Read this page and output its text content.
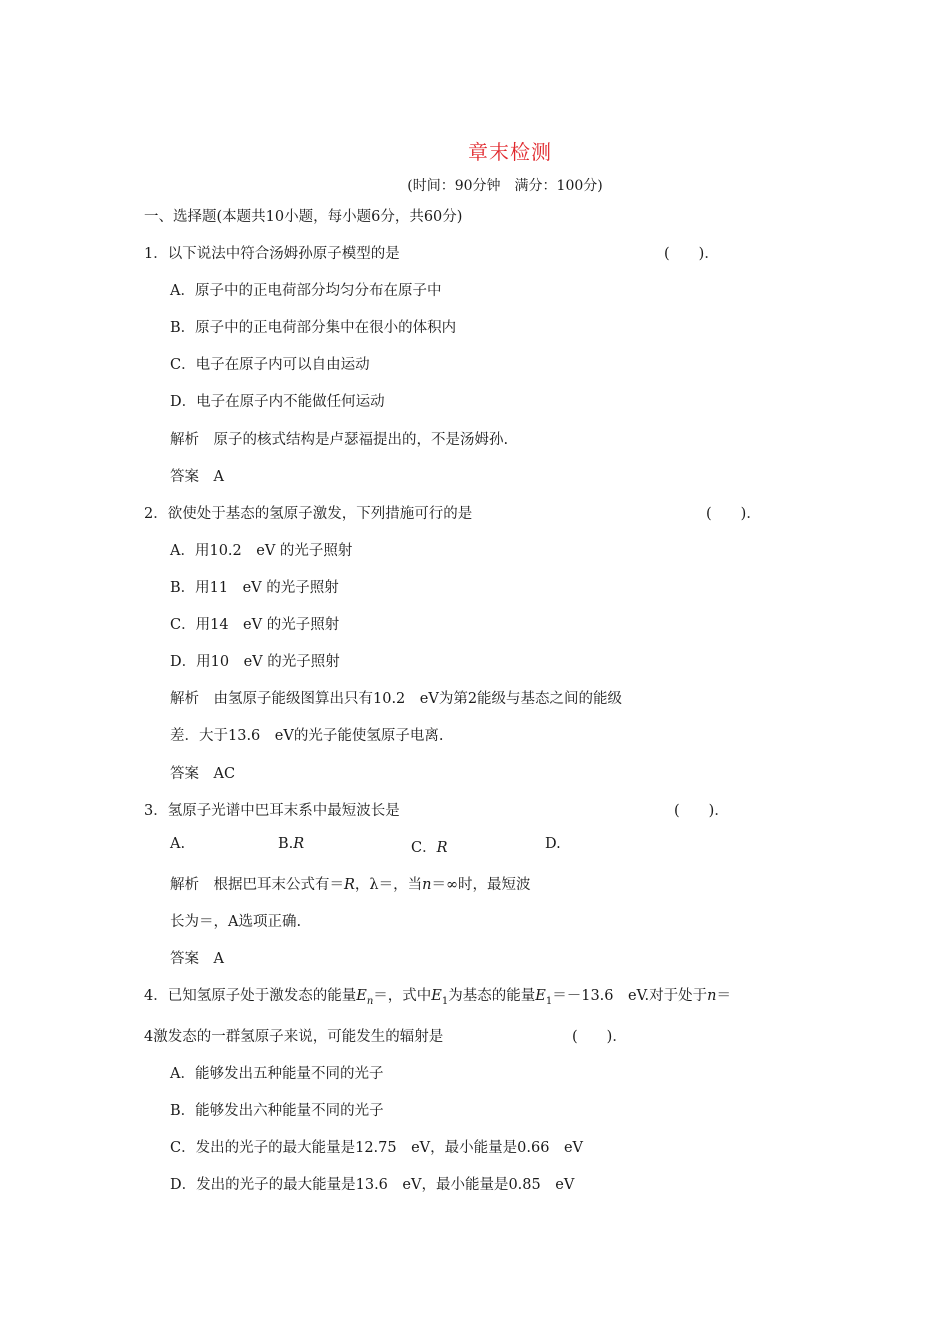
章末检测
(时间：90分钟　满分：100分)
一、选择题(本题共10小题，每小题6分，共60分)
1．以下说法中符合汤姆孙原子模型的是	(　　)．
A．原子中的正电荷部分均匀分布在原子中
B．原子中的正电荷部分集中在很小的体积内
C．电子在原子内可以自由运动
D．电子在原子内不能做任何运动
解析　原子的核式结构是卢瑟福提出的，不是汤姆孙.
答案　A
2．欲使处于基态的氢原子激发，下列措施可行的是	(　　)．
A．用10.2　eV 的光子照射
B．用11　eV 的光子照射
C．用14　eV 的光子照射
D．用10　eV 的光子照射
解析　由氢原子能级图算出只有10.2　eV为第2能级与基态之间的能级
差．大于13.6　eV的光子能使氢原子电离.
答案　AC
3．氢原子光谱中巴耳末系中最短波长是	(　　)．
A.	B.R	C．R	D.
解析　根据巴耳末公式有＝R，λ＝，当n＝∞时，最短波
长为＝，A选项正确.
答案　A
4．已知氢原子处于激发态的能量$E_n=$，式中$E_1$为基态的能量$E_1=-13.6$　eV.对于处于n＝
4激发态的一群氢原子来说，可能发生的辐射是	(　　)．
A．能够发出五种能量不同的光子
B．能够发出六种能量不同的光子
C．发出的光子的最大能量是12.75　eV，最小能量是0.66　eV
D．发出的光子的最大能量是13.6　eV，最小能量是0.85　eV
